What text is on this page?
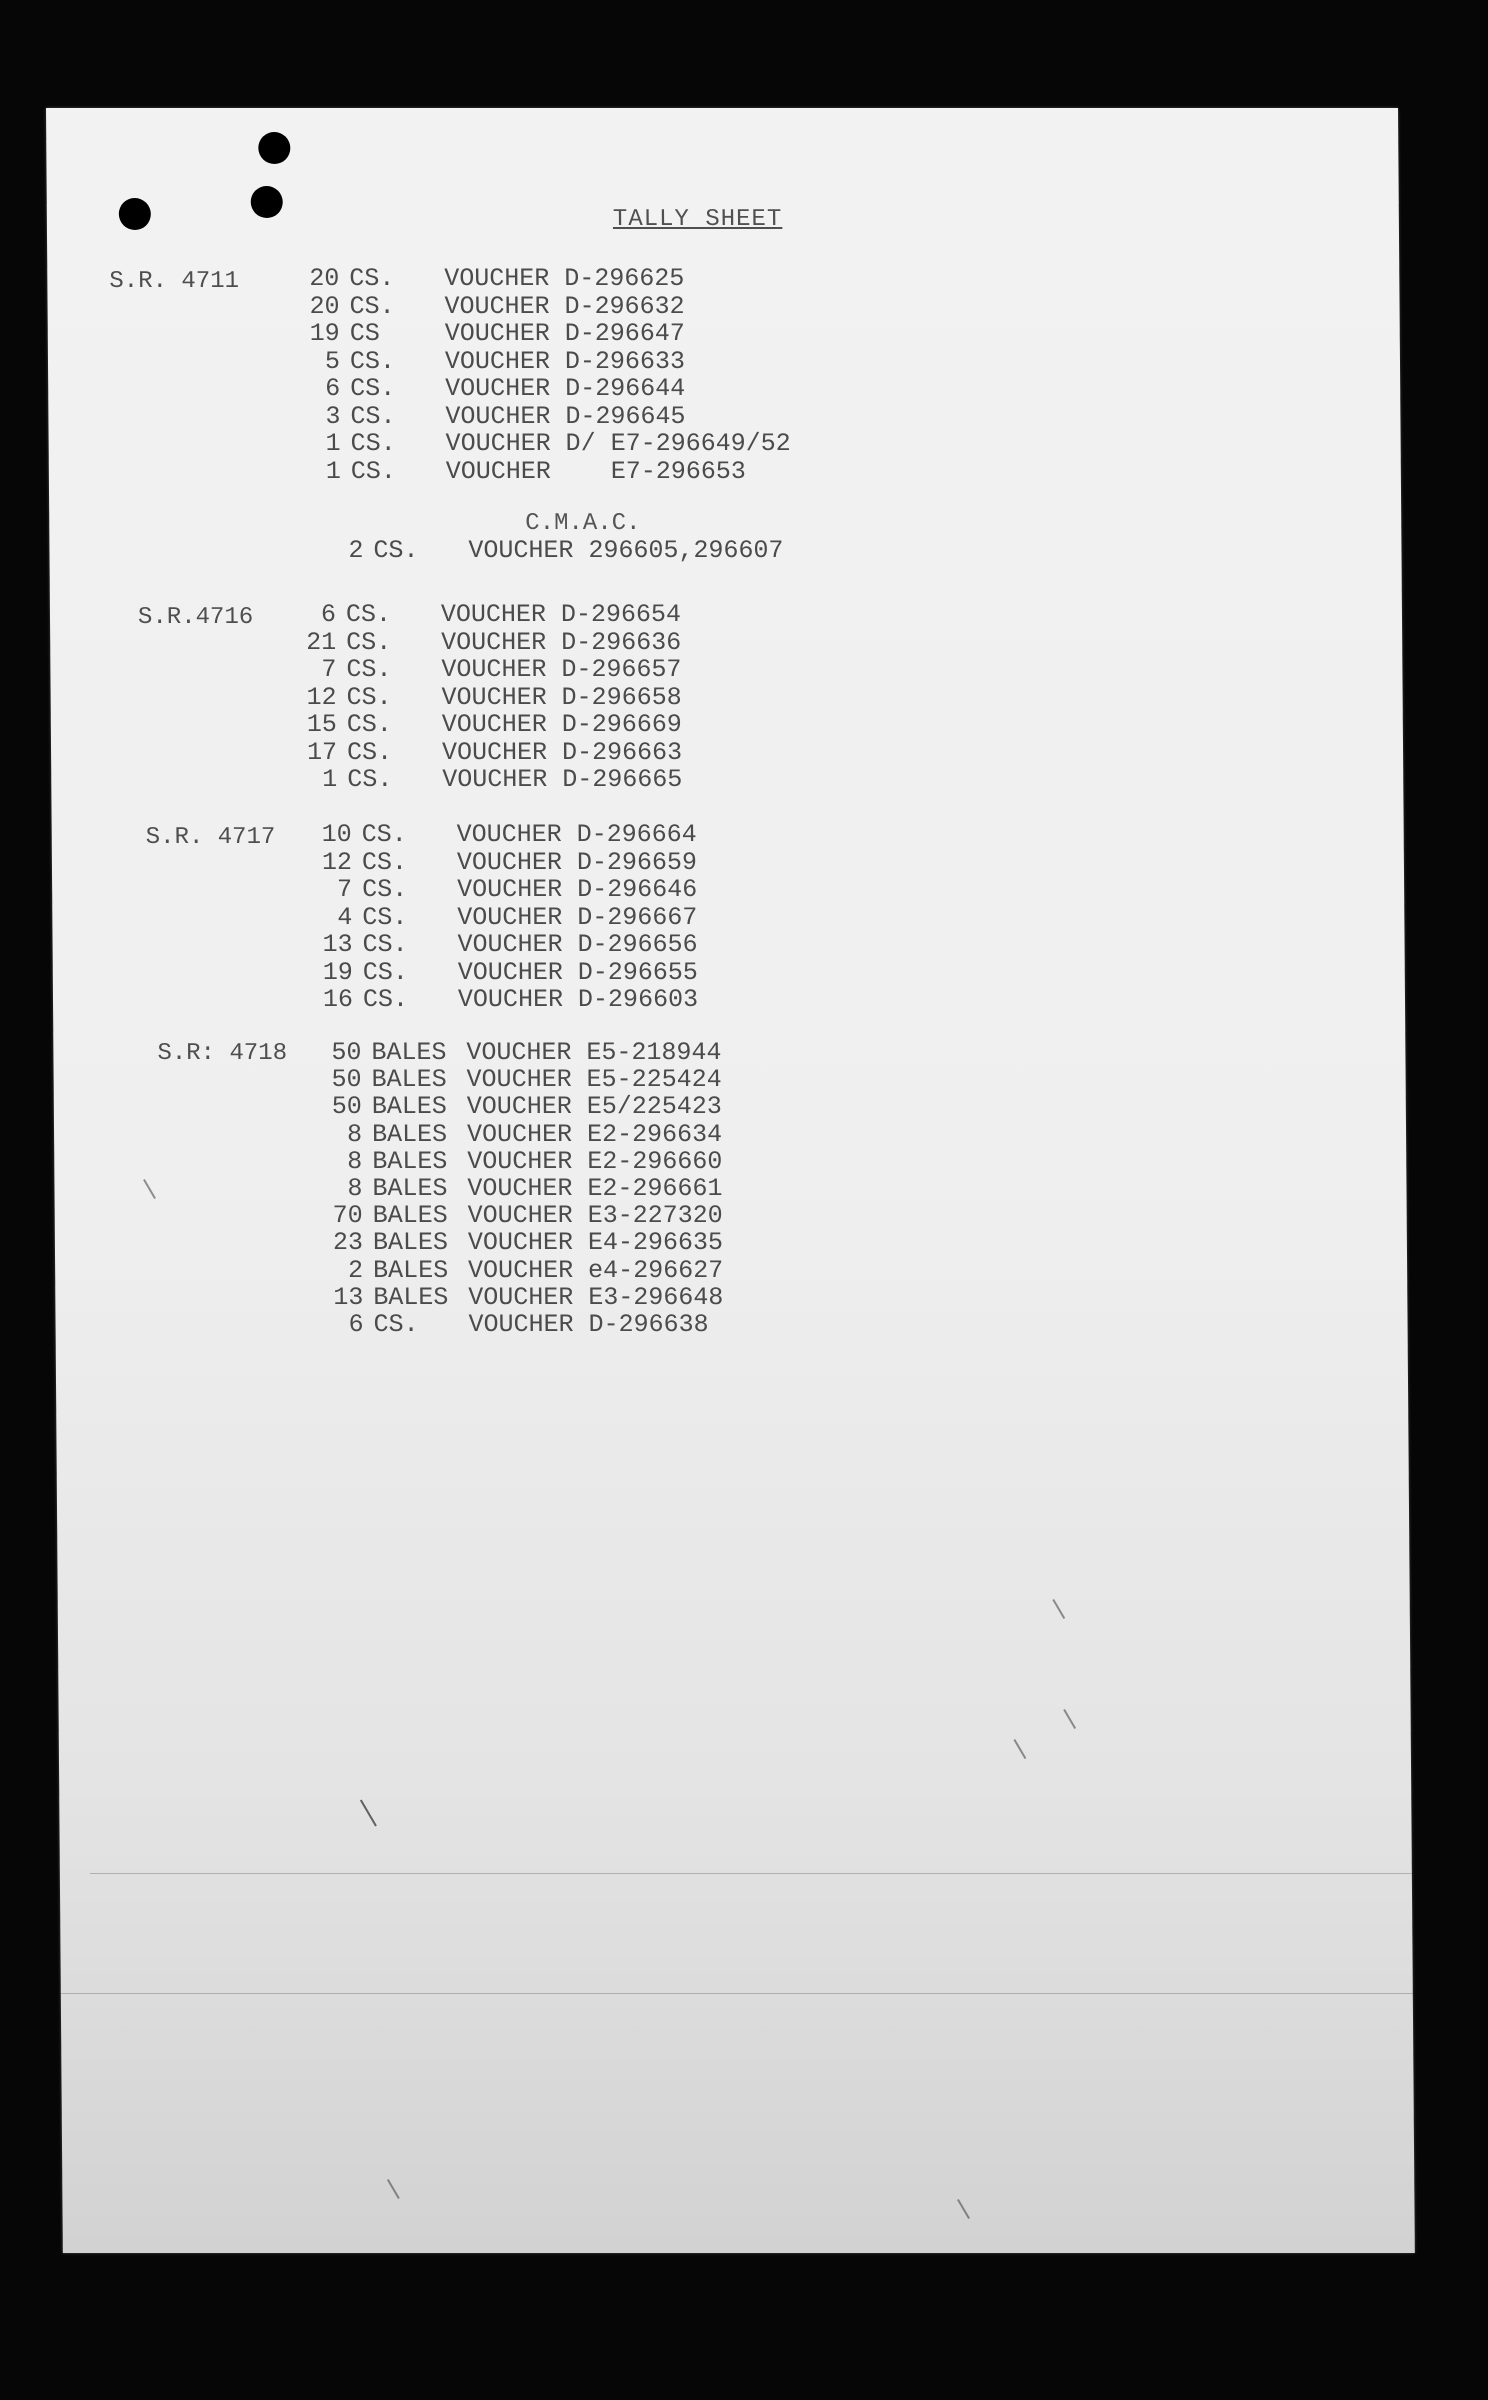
TALLY SHEET
S.R. 4711	20 CS. VOUCHER D-296625
20 CS. VOUCHER D-296632
19 CS	VOUCHER D-296647
5 CS. VOUCHER D-296633
6 CS. VOUCHER D-296644
3 CS. VOUCHER D-296645
1 CS. VOUCHER D/ E7-296649/52
1 CS. VOUCHER   E7-296653
C.M.A.C.
2 CS. VOUCHER 296605,296607
S.R.4716	6 CS. VOUCHER D-296654
21 CS. VOUCHER D-296636
7 CS. VOUCHER D-296657
12 CS. VOUCHER D-296658
15 CS. VOUCHER D-296669
17 CS. VOUCHER D-296663
1 CS. VOUCHER D-296665
S.R. 4717	10 CS. VOUCHER D-296664
12 CS. VOUCHER D-296659
7 CS. VOUCHER D-296646
4 CS. VOUCHER D-296667
13 CS. VOUCHER D-296656
19 CS. VOUCHER D-296655
16 CS. VOUCHER D-296603
S.R: 4718	50 BALES VOUCHER E5-218944
50 BALES VOUCHER E5-225424
50 BALES VOUCHER E5/225423
8 BALES VOUCHER E2-296634
8 BALES VOUCHER E2-296660
8 BALES VOUCHER E2-296661
70 BALES VOUCHER E3-227320
23 BALES VOUCHER E4-296635
2 BALES VOUCHER e4-296627
13 BALES VOUCHER E3-296648
6 CS. VOUCHER D-296638
